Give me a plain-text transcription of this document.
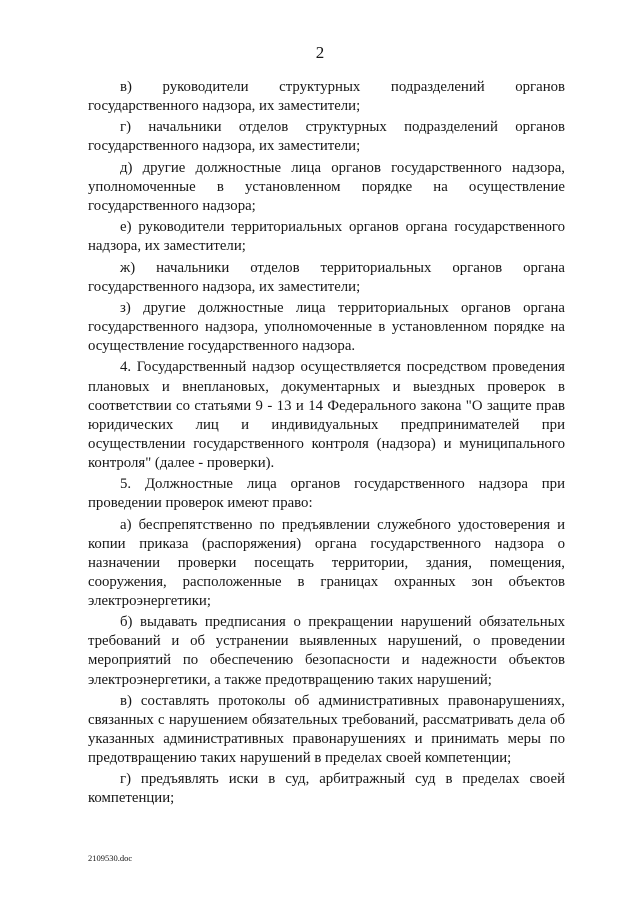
2

в) руководители структурных подразделений органов государственного надзора, их заместители;

г) начальники отделов структурных подразделений органов государственного надзора, их заместители;

д) другие должностные лица органов государственного надзора, уполномоченные в установленном порядке на осуществление государственного надзора;

е) руководители территориальных органов органа государственного надзора, их заместители;

ж) начальники отделов территориальных органов органа государственного надзора, их заместители;

з) другие должностные лица территориальных органов органа государственного надзора, уполномоченные в установленном порядке на осуществление государственного надзора.

4. Государственный надзор осуществляется посредством проведения плановых и внеплановых, документарных и выездных проверок в соответствии со статьями 9 - 13 и 14 Федерального закона "О защите прав юридических лиц и индивидуальных предпринимателей при осуществлении государственного контроля (надзора) и муниципального контроля" (далее - проверки).

5. Должностные лица органов государственного надзора при проведении проверок имеют право:

а) беспрепятственно по предъявлении служебного удостоверения и копии приказа (распоряжения) органа государственного надзора о назначении проверки посещать территории, здания, помещения, сооружения, расположенные в границах охранных зон объектов электроэнергетики;

б) выдавать предписания о прекращении нарушений обязательных требований и об устранении выявленных нарушений, о проведении мероприятий по обеспечению безопасности и надежности объектов электроэнергетики, а также предотвращению таких нарушений;

в) составлять протоколы об административных правонарушениях, связанных с нарушением обязательных требований, рассматривать дела об указанных административных правонарушениях и принимать меры по предотвращению таких нарушений в пределах своей компетенции;

г) предъявлять иски в суд, арбитражный суд в пределах своей компетенции;

2109530.doc
